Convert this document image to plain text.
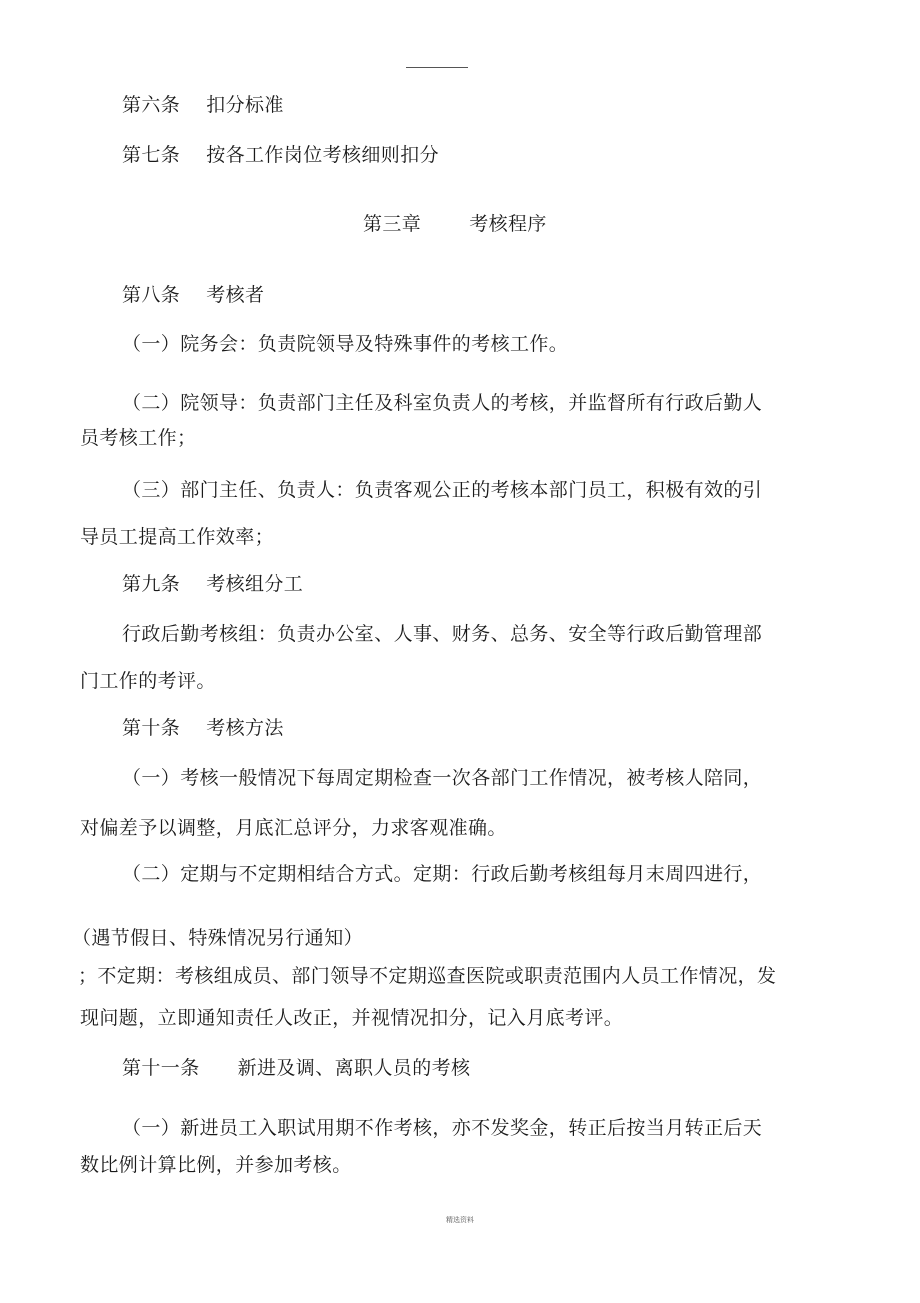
第六条 扣分标准
第七条 按各工作岗位考核细则扣分
第三章	考核程序
第八条 考核者
（一）院务会：负责院领导及特殊事件的考核工作。
（二）院领导：负责部门主任及科室负责人的考核，并监督所有行政后勤人
员考核工作；
（三）部门主任、负责人：负责客观公正的考核本部门员工，积极有效的引
导员工提高工作效率；
第九条 考核组分工
行政后勤考核组：负责办公室、人事、财务、总务、安全等行政后勤管理部
门工作的考评。
第十条 考核方法
（一）考核一般情况下每周定期检查一次各部门工作情况，被考核人陪同，
对偏差予以调整，月底汇总评分，力求客观准确。
（二）定期与不定期相结合方式。定期：行政后勤考核组每月末周四进行，
（遇节假日、特殊情况另行通知）
；不定期：考核组成员、部门领导不定期巡查医院或职责范围内人员工作情况，发
现问题，立即通知责任人改正，并视情况扣分，记入月底考评。
第十一条 新进及调、离职人员的考核
（一）新进员工入职试用期不作考核，亦不发奖金，转正后按当月转正后天
数比例计算比例，并参加考核。
精选资料
